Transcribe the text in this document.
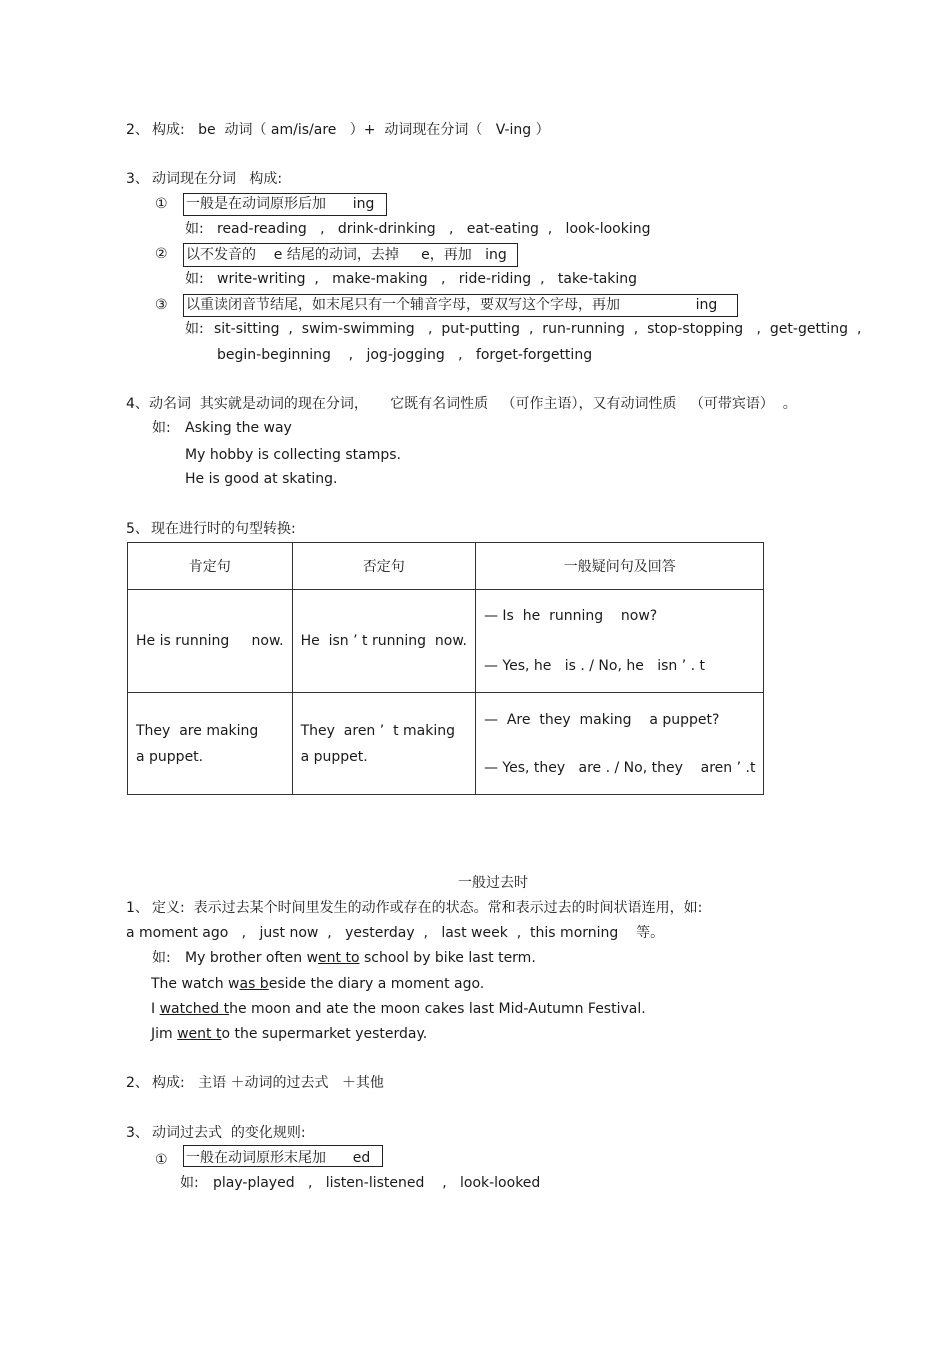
2、 构成:   be  动词（ am/is/are   ）+  动词现在分词（   V-ing ）
3、 动词现在分词   构成:
① 一般是在动词原形后加      ing
如: read-reading   ,   drink-drinking   ,   eat-eating  ,   look-looking
② 以不发音的    e 结尾的动词，去掉     e，再加   ing
如: write-writing  ,   make-making   ,   ride-riding  ,   take-taking
③ 以重读闭音节结尾，如末尾只有一个辅音字母，要双写这个字母，再加                 ing
如: sit-sitting  ,  swim-swimming   ,  put-putting  ,  run-running  ,  stop-stopping   ,  get-getting  ,
begin-beginning    ,   jog-jogging   ,   forget-forgetting
4、 动名词  其实就是动词的现在分词，     它既有名词性质   （可作主语），又有动词性质   （可带宾语）  。
如: Asking the way
My hobby is collecting stamps.
He is good at skating.
5、 现在进行时的句型转换:
肯定句	否定句	一般疑问句及回答

He is running     now.	He  isn ’ t running  now.	— Is  he  running    now?
— Yes, he   is . / No, he   isn ’ . t

They  are making
a puppet.	They  aren ’  t making
a puppet.	—  Are  they  making    a puppet?
— Yes, they   are . / No, they    aren ’ .t
一般过去时
1、 定义:  表示过去某个时间里发生的动作或存在的状态。常和表示过去的时间状语连用，如:
a moment ago   ,   just now  ,   yesterday  ,   last week  ,  this morning    等。
如: My brother often went to school by bike last term.
The watch was beside the diary a moment ago.
I watched the moon and ate the moon cakes last Mid-Autumn Festival.
Jim went to the supermarket yesterday.
2、 构成:   主语 ＋动词的过去式   ＋其他
3、 动词过去式  的变化规则:
① 一般在动词原形末尾加      ed
如: play-played   ,   listen-listened    ,   look-looked
